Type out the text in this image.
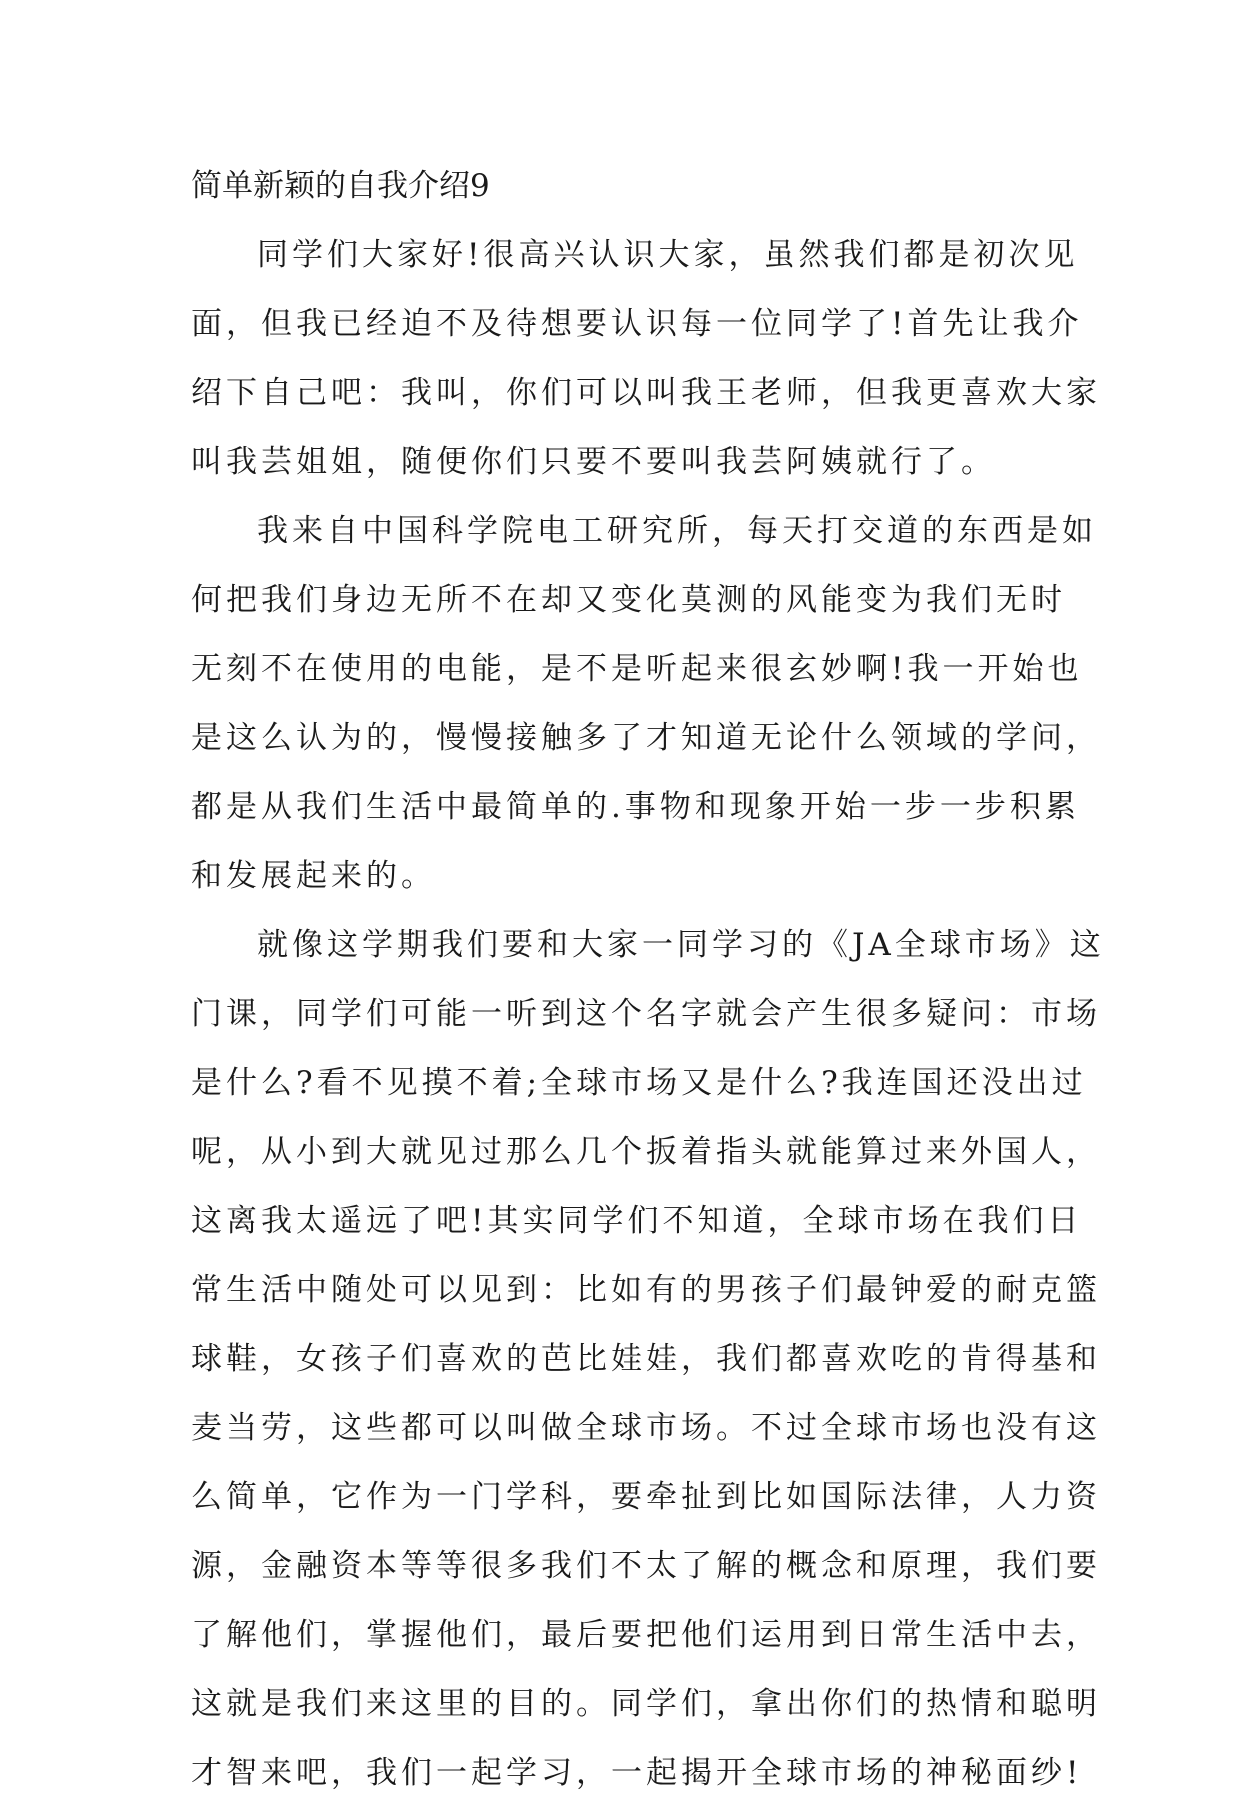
简单新颖的自我介绍9

同学们大家好!很高兴认识大家，虽然我们都是初次见
面，但我已经迫不及待想要认识每一位同学了!首先让我介
绍下自己吧：我叫，你们可以叫我王老师，但我更喜欢大家
叫我芸姐姐，随便你们只要不要叫我芸阿姨就行了。

我来自中国科学院电工研究所，每天打交道的东西是如
何把我们身边无所不在却又变化莫测的风能变为我们无时
无刻不在使用的电能，是不是听起来很玄妙啊!我一开始也
是这么认为的，慢慢接触多了才知道无论什么领域的学问，
都是从我们生活中最简单的.事物和现象开始一步一步积累
和发展起来的。

就像这学期我们要和大家一同学习的《JA全球市场》这
门课，同学们可能一听到这个名字就会产生很多疑问：市场
是什么?看不见摸不着;全球市场又是什么?我连国还没出过
呢，从小到大就见过那么几个扳着指头就能算过来外国人，
这离我太遥远了吧!其实同学们不知道，全球市场在我们日
常生活中随处可以见到：比如有的男孩子们最钟爱的耐克篮
球鞋，女孩子们喜欢的芭比娃娃，我们都喜欢吃的肯得基和
麦当劳，这些都可以叫做全球市场。不过全球市场也没有这
么简单，它作为一门学科，要牵扯到比如国际法律，人力资
源，金融资本等等很多我们不太了解的概念和原理，我们要
了解他们，掌握他们，最后要把他们运用到日常生活中去，
这就是我们来这里的目的。同学们，拿出你们的热情和聪明
才智来吧，我们一起学习，一起揭开全球市场的神秘面纱!
